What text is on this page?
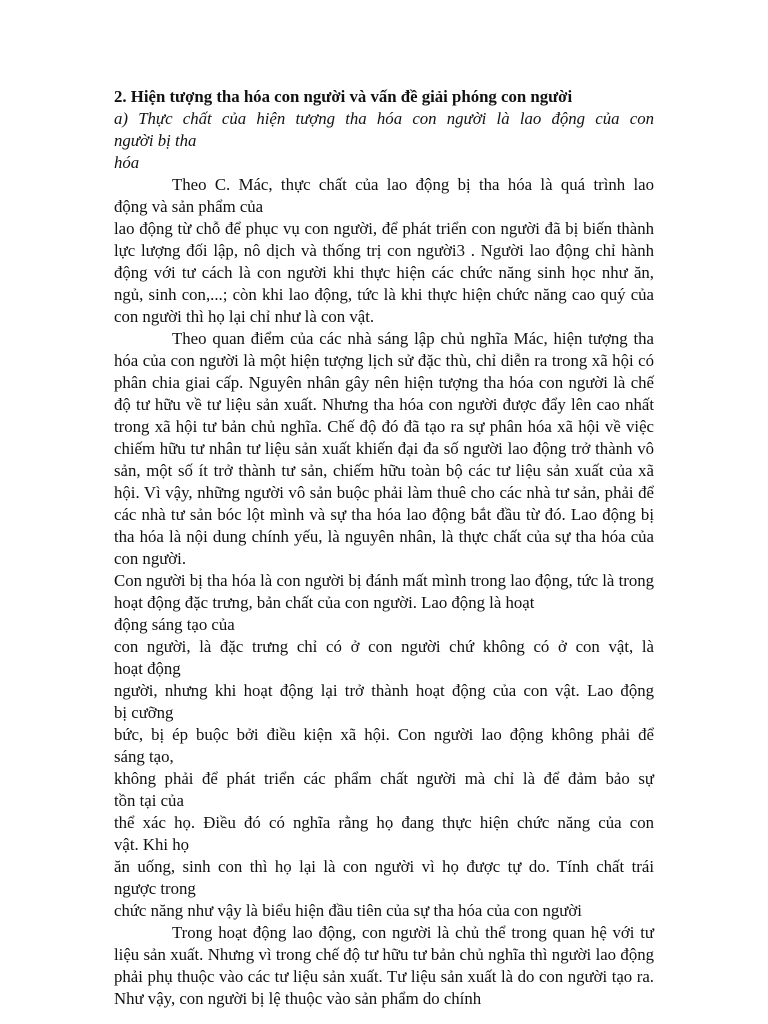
2. Hiện tượng tha hóa con người và vấn đề giải phóng con người

a) Thực chất của hiện tượng tha hóa con người là lao động của con
người bị tha
hóa

Theo C. Mác, thực chất của lao động bị tha hóa là quá trình lao
động và sản phẩm của

lao động từ chỗ để phục vụ con người, để phát triển con người đã bị biến thành lực lượng đối lập, nô dịch và thống trị con người3 . Người lao động chỉ hành động với tư cách là con người khi thực hiện các chức năng sinh học như ăn, ngủ, sinh con,...; còn khi lao động, tức là khi thực hiện chức năng cao quý của con người thì họ lại chỉ như là con vật.

Theo quan điểm của các nhà sáng lập chủ nghĩa Mác, hiện tượng tha hóa của con người là một hiện tượng lịch sử đặc thù, chỉ diễn ra trong xã hội có phân chia giai cấp. Nguyên nhân gây nên hiện tượng tha hóa con người là chế độ tư hữu về tư liệu sản xuất. Nhưng tha hóa con người được đẩy lên cao nhất trong xã hội tư bản chủ nghĩa. Chế độ đó đã tạo ra sự phân hóa xã hội về việc chiếm hữu tư nhân tư liệu sản xuất khiến đại đa số người lao động trở thành vô sản, một số ít trở thành tư sản, chiếm hữu toàn bộ các tư liệu sản xuất của xã hội. Vì vậy, những người vô sản buộc phải làm thuê cho các nhà tư sản, phải để các nhà tư sản bóc lột mình và sự tha hóa lao động bắt đầu từ đó. Lao động bị tha hóa là nội dung chính yếu, là nguyên nhân, là thực chất của sự tha hóa của con người.

Con người bị tha hóa là con người bị đánh mất mình trong lao động, tức là trong hoạt động đặc trưng, bản chất của con người. Lao động là hoạt
động sáng tạo của
con người, là đặc trưng chỉ có ở con người chứ không có ở con vật, là
hoạt động
người, nhưng khi hoạt động lại trở thành hoạt động của con vật. Lao động
bị cưỡng
bức, bị ép buộc bởi điều kiện xã hội. Con người lao động không phải để
sáng tạo,
không phải để phát triển các phẩm chất người mà chỉ là để đảm bảo sự
tồn tại của
thể xác họ. Điều đó có nghĩa rằng họ đang thực hiện chức năng của con
vật. Khi họ
ăn uống, sinh con thì họ lại là con người vì họ được tự do. Tính chất trái
ngược trong
chức năng như vậy là biểu hiện đầu tiên của sự tha hóa của con người

Trong hoạt động lao động, con người là chủ thể trong quan hệ với tư liệu sản xuất. Nhưng vì trong chế độ tư hữu tư bản chủ nghĩa thì người lao động phải phụ thuộc vào các tư liệu sản xuất. Tư liệu sản xuất là do con người tạo ra. Như vậy, con người bị lệ thuộc vào sản phẩm do chính
